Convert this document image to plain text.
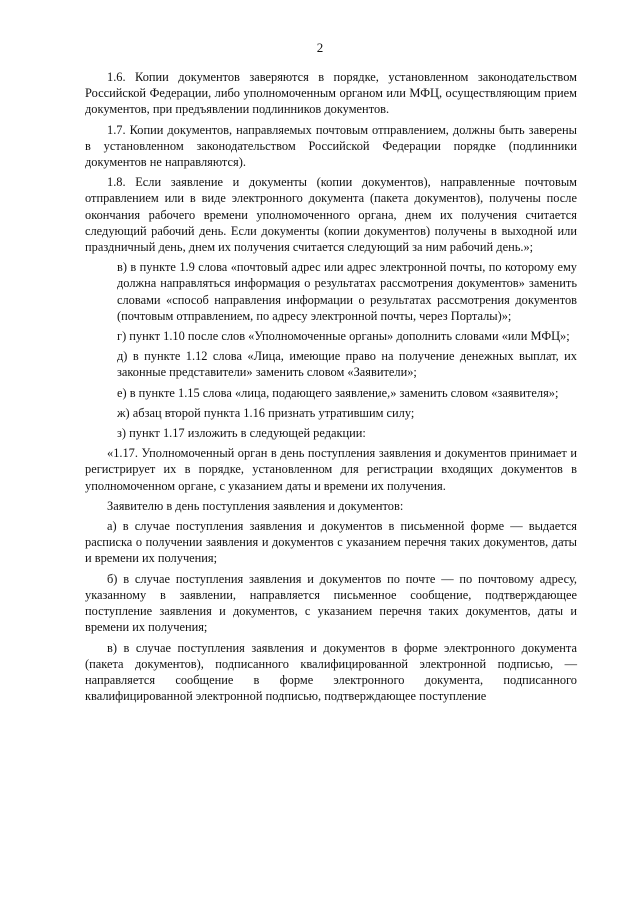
2

1.6. Копии документов заверяются в порядке, установленном законодательством Российской Федерации, либо уполномоченным органом или МФЦ, осуществляющим прием документов, при предъявлении подлинников документов.

1.7. Копии документов, направляемых почтовым отправлением, должны быть заверены в установленном законодательством Российской Федерации порядке (подлинники документов не направляются).

1.8. Если заявление и документы (копии документов), направленные почтовым отправлением или в виде электронного документа (пакета документов), получены после окончания рабочего времени уполномоченного органа, днем их получения считается следующий рабочий день. Если документы (копии документов) получены в выходной или праздничный день, днем их получения считается следующий за ним рабочий день.»;

в) в пункте 1.9 слова «почтовый адрес или адрес электронной почты, по которому ему должна направляться информация о результатах рассмотрения документов» заменить словами «способ направления информации о результатах рассмотрения документов (почтовым отправлением, по адресу электронной почты, через Порталы)»;

г) пункт 1.10 после слов «Уполномоченные органы» дополнить словами «или МФЦ»;

д) в пункте 1.12 слова «Лица, имеющие право на получение денежных выплат, их законные представители» заменить словом «Заявители»;

е) в пункте 1.15 слова «лица, подающего заявление,» заменить словом «заявителя»;

ж) абзац второй пункта 1.16 признать утратившим силу;

з) пункт 1.17 изложить в следующей редакции:

«1.17. Уполномоченный орган в день поступления заявления и документов принимает и регистрирует их в порядке, установленном для регистрации входящих документов в уполномоченном органе, с указанием даты и времени их получения.

Заявителю в день поступления заявления и документов:

а) в случае поступления заявления и документов в письменной форме — выдается расписка о получении заявления и документов с указанием перечня таких документов, даты и времени их получения;

б) в случае поступления заявления и документов по почте — по почтовому адресу, указанному в заявлении, направляется письменное сообщение, подтверждающее поступление заявления и документов, с указанием перечня таких документов, даты и времени их получения;

в) в случае поступления заявления и документов в форме электронного документа (пакета документов), подписанного квалифицированной электронной подписью, — направляется сообщение в форме электронного документа, подписанного квалифицированной электронной подписью, подтверждающее поступление
